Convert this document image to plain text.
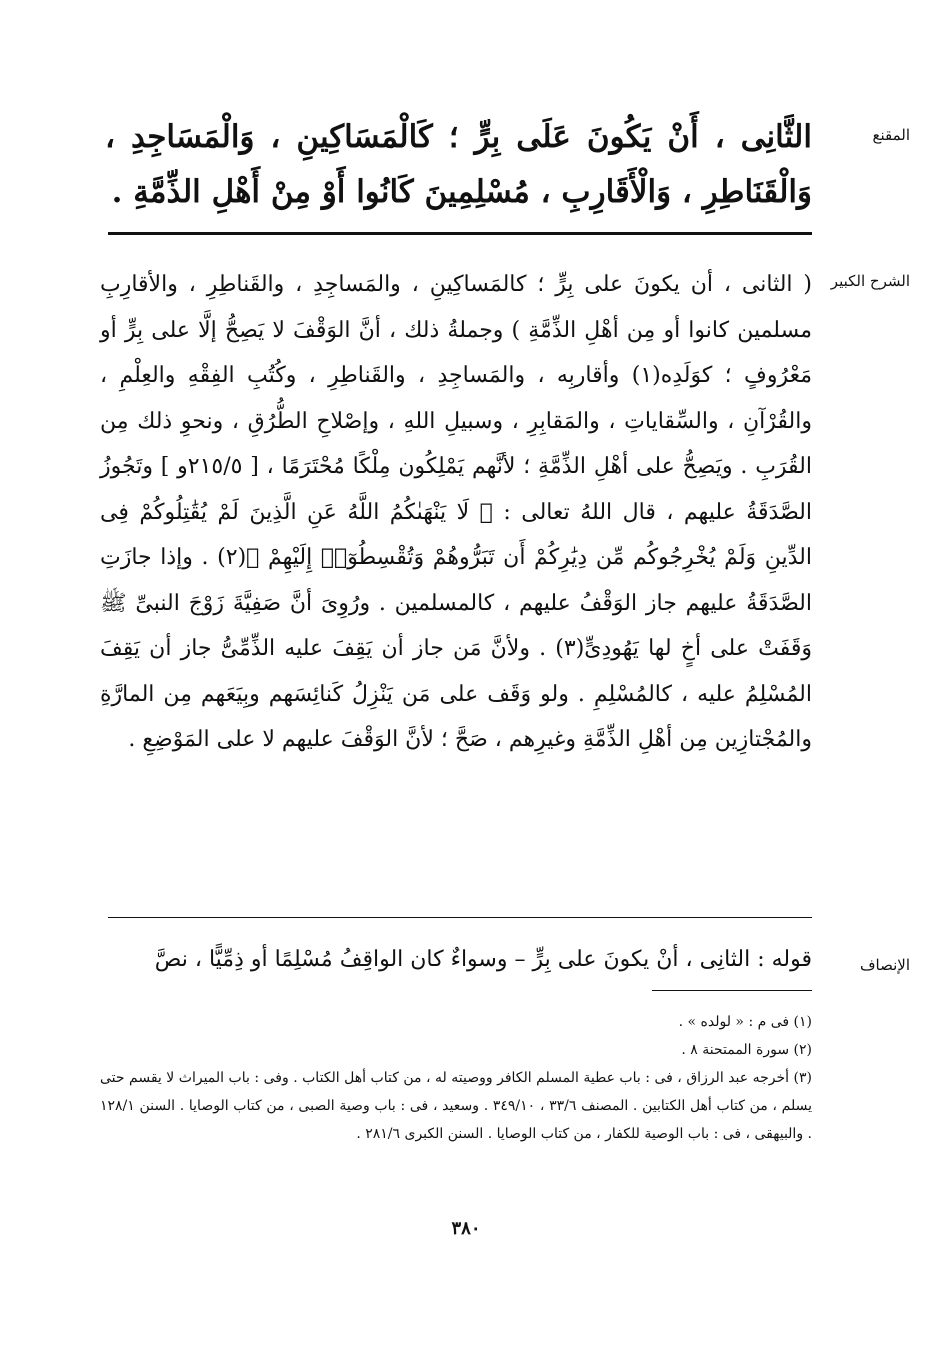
المقنع
الثَّانِى ، أَنْ يَكُونَ عَلَى بِرٍّ ؛ كَالْمَسَاكِينِ ، وَالْمَسَاجِدِ ، وَالْقَنَاطِرِ ، وَالْأَقَارِبِ ، مُسْلِمِينَ كَانُوا أَوْ مِنْ أَهْلِ الذِّمَّةِ .
الشرح الكبير
( الثانى ، أن يكونَ على بِرٍّ ؛ كالمَساكِينِ ، والمَساجِدِ ، والقَناطِرِ ، والأقارِبِ مسلمين كانوا أو مِن أهْلِ الذِّمَّةِ ) وجملةُ ذلك ، أنَّ الوَقْفَ لا يَصِحُّ إلَّا على بِرٍّ أو مَعْرُوفٍ ؛ كوَلَدِه(١) وأقاربِه ، والمَساجِدِ ، والقَناطِرِ ، وكُتُبِ الفِقْهِ والعِلْمِ ، والقُرْآنِ ، والسِّقاياتِ ، والمَقابِرِ ، وسبيلِ اللهِ ، وإصْلاحِ الطُّرُقِ ، ونحوِ ذلك مِن القُرَبِ . ويَصِحُّ على أهْلِ الذِّمَّةِ ؛ لأنَّهم يَمْلِكُون مِلْكًا مُحْتَرَمًا ، [ ٢١٥/٥و ] وتَجُوزُ الصَّدَقَةُ عليهم ، قال اللهُ تعالى : ﴿ لَا يَنْهَىٰكُمُ اللَّهُ عَنِ الَّذِينَ لَمْ يُقَٰتِلُوكُمْ فِى الدِّينِ وَلَمْ يُخْرِجُوكُم مِّن دِيَٰرِكُمْ أَن تَبَرُّوهُمْ وَتُقْسِطُوٓا۟ إِلَيْهِمْ ﴾(٢) . وإذا جازَتِ الصَّدَقَةُ عليهم جاز الوَقْفُ عليهم ، كالمسلمين . ورُوِىَ أنَّ صَفِيَّةَ زَوْجَ النبىِّ ﷺ وَقَفَتْ على أخٍ لها يَهُودِىٍّ(٣) . ولأنَّ مَن جاز أن يَقِفَ عليه الذِّمِّىُّ جاز أن يَقِفَ المُسْلِمُ عليه ، كالمُسْلِمِ . ولو وَقَف على مَن يَنْزِلُ كَنائِسَهم وبِيَعَهم مِن المارَّةِ والمُجْتازِين مِن أهْلِ الذِّمَّةِ وغيرِهم ، صَحَّ ؛ لأنَّ الوَقْفَ عليهم لا على المَوْضِعِ .
الإنصاف
قوله : الثانِى ، أنْ يكونَ على بِرٍّ – وسواءٌ كان الواقِفُ مُسْلِمًا أو ذِمِّيًّا ، نصَّ

(١) فى م : « لولده » .

(٢) سورة الممتحنة ٨ .

(٣) أخرجه عبد الرزاق ، فى : باب عطية المسلم الكافر ووصيته له ، من كتاب أهل الكتاب . وفى : باب الميراث لا يقسم حتى يسلم ، من كتاب أهل الكتابين . المصنف ٣٣/٦ ، ٣٤٩/١٠ . وسعيد ، فى : باب وصية الصبى ، من كتاب الوصايا . السنن ١٢٨/١ . والبيهقى ، فى : باب الوصية للكفار ، من كتاب الوصايا . السنن الكبرى ٢٨١/٦ .

٣٨٠
